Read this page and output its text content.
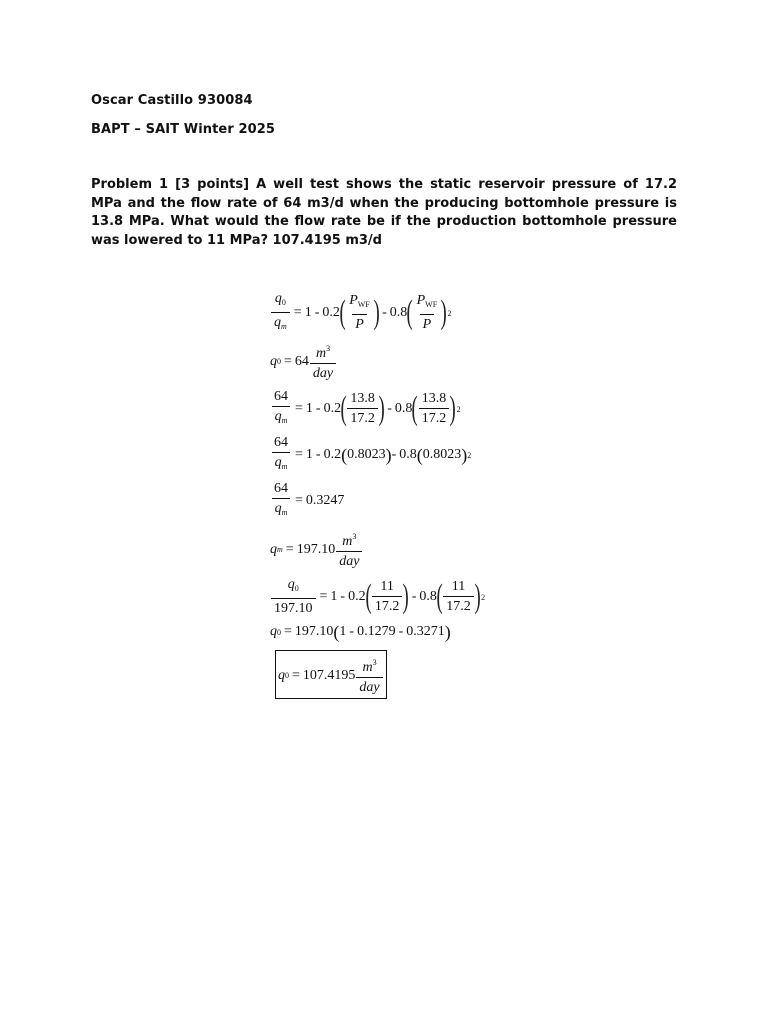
Oscar Castillo 930084
BAPT – SAIT Winter 2025
Problem 1 [3 points] A well test shows the static reservoir pressure of 17.2 MPa and the flow rate of 64 m3/d when the producing bottomhole pressure is 13.8 MPa. What would the flow rate be if the production bottomhole pressure was lowered to 11 MPa? 107.4195 m3/d
$\frac{q_0}{q_m} = 1 - 0.2$ ( $\frac{P_{WF}}{P}$ ) - 0.8 ( $\frac{P_{WF}}{P}$ ) 2
q $0 = 64 \frac{m^3}{\text{day}}$
$\frac{64}{q_m} = 1 - 0.2$ ( $\frac{13.8}{17.2}$ ) - 0.8 ( $\frac{13.8}{17.2}$ ) 2
$\frac{64}{q_m} = 1 - 0.2$ ( 0.8023 ) - 0.8 ( 0.8023 ) 2
$\frac{64}{q_m} = 0.3247$
q $m = 197.10 \frac{m^3}{\text{day}}$
$\frac{q_0}{197.10} = 1 - 0.2$ ( $\frac{11}{17.2}$ ) - 0.8 ( $\frac{11}{17.2}$ ) 2
q 0 = 197.10 ( 1 - 0.1279 - 0.3271 )
q $0 = 107.4195 \frac{m^3}{\text{day}}$
